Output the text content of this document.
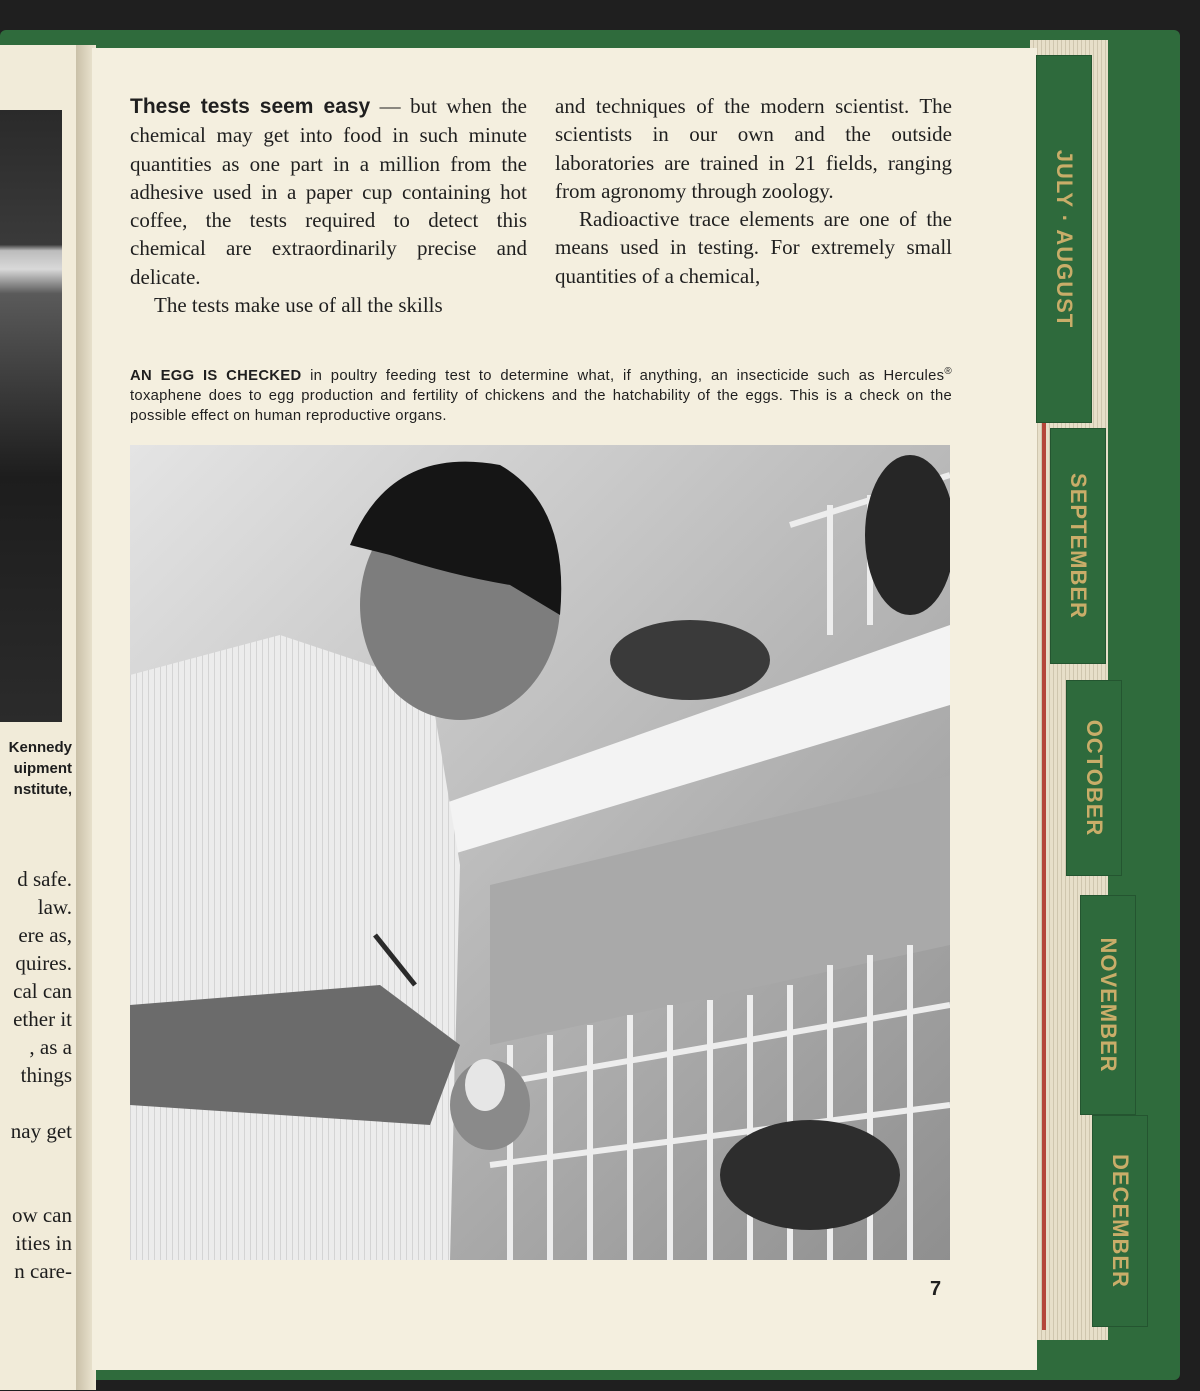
Kennedy
uipment
nstitute,
d safe.
law.
ere as,
quires.
cal can
ether it
, as a
things
nay get
ow can
ities in
n care-

These tests seem easy — but when the chemical may get into food in such minute quantities as one part in a million from the adhesive used in a paper cup containing hot coffee, the tests required to detect this chemical are extraordinarily precise and delicate.

The tests make use of all the skills

and techniques of the modern scientist. The scientists in our own and the outside laboratories are trained in 21 fields, ranging from agronomy through zoology.

Radioactive trace elements are one of the means used in testing. For extremely small quantities of a chemical,

AN EGG IS CHECKED in poultry feeding test to determine what, if anything, an insecticide such as Hercules® toxaphene does to egg production and fertility of chickens and the hatchability of the eggs. This is a check on the possible effect on human reproductive organs.
7
JULY · AUGUST
SEPTEMBER
OCTOBER
NOVEMBER
DECEMBER
